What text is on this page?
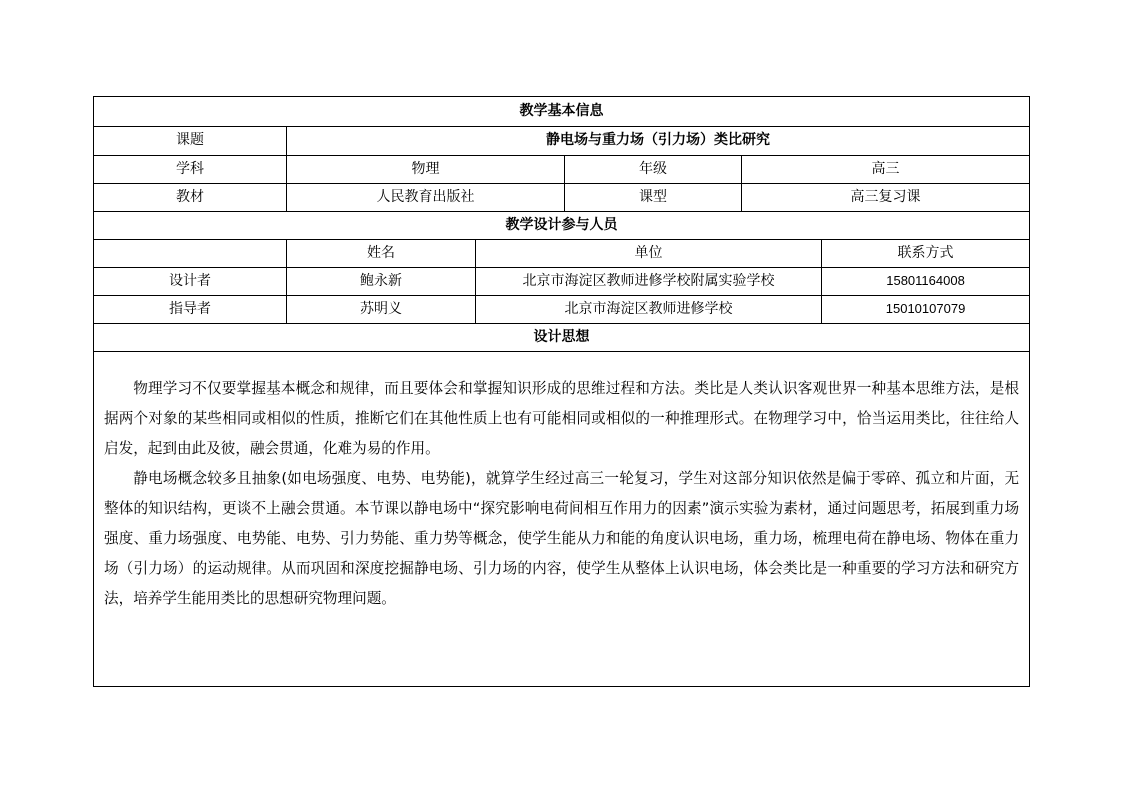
教学基本信息					
课题	静电场与重力场（引力场）类比研究				
学科	物理		年级	高三	
教材	人民教育出版社		课型	高三复习课	
教学设计参与人员					
	姓名	单位			联系方式
设计者	鲍永新	北京市海淀区教师进修学校附属实验学校			15801164008
指导者	苏明义	北京市海淀区教师进修学校			15010107079
设计思想					

物理学习不仅要掌握基本概念和规律，而且要体会和掌握知识形成的思维过程和方法。类比是人类认识客观世界一种基本思维方法，是根据两个对象的某些相同或相似的性质，推断它们在其他性质上也有可能相同或相似的一种推理形式。在物理学习中，恰当运用类比，往往给人启发，起到由此及彼，融会贯通，化难为易的作用。

静电场概念较多且抽象(如电场强度、电势、电势能)，就算学生经过高三一轮复习，学生对这部分知识依然是偏于零碎、孤立和片面，无整体的知识结构，更谈不上融会贯通。本节课以静电场中“探究影响电荷间相互作用力的因素”演示实验为素材，通过问题思考，拓展到重力场强度、重力场强度、电势能、电势、引力势能、重力势等概念，使学生能从力和能的角度认识电场，重力场，梳理电荷在静电场、物体在重力场（引力场）的运动规律。从而巩固和深度挖掘静电场、引力场的内容，使学生从整体上认识电场，体会类比是一种重要的学习方法和研究方法，培养学生能用类比的思想研究物理问题。					
